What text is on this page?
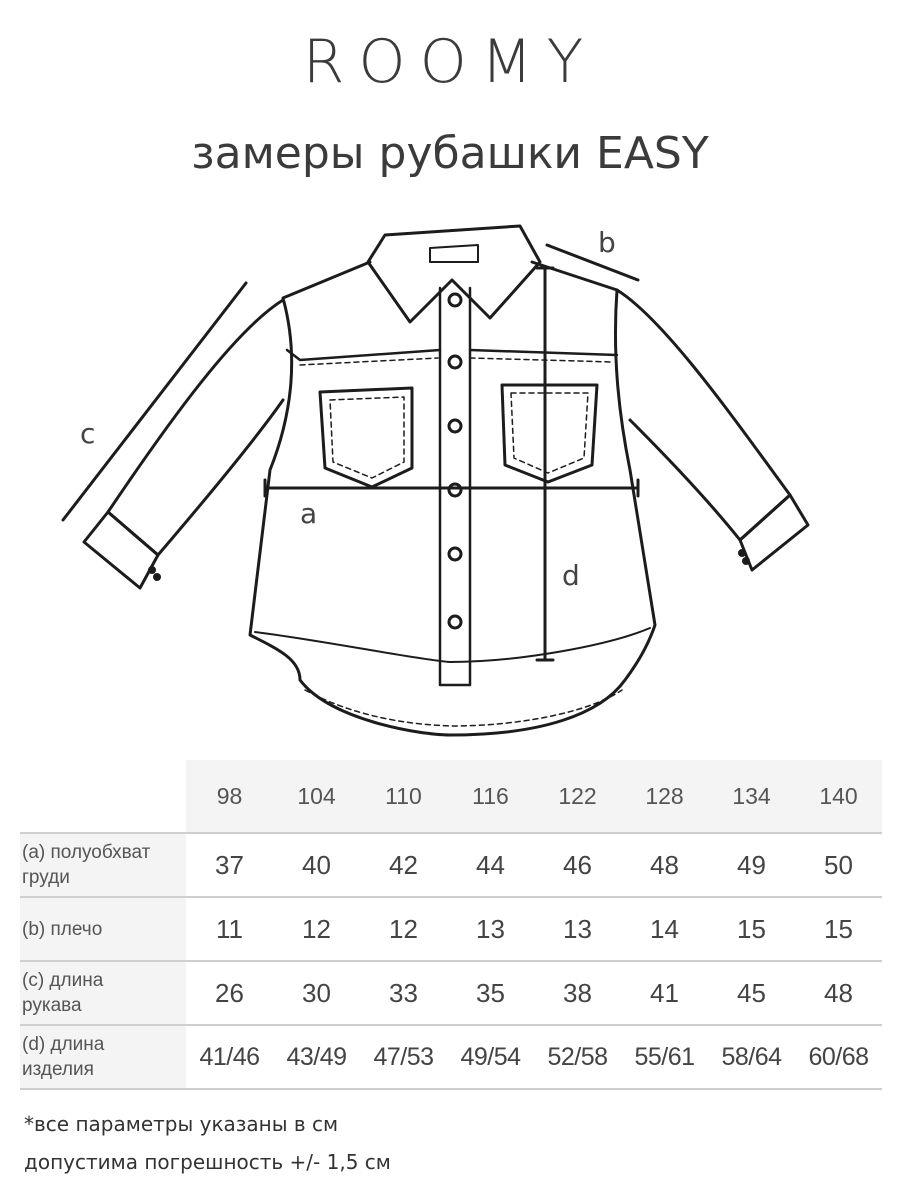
ROOMY
замеры рубашки EASY
a
b
c
d
	98	104	110	116	122	128	134	140
(a) полуобхват
груди	37	40	42	44	46	48	49	50
(b) плечо	11	12	12	13	13	14	15	15
(c) длина
рукава	26	30	33	35	38	41	45	48
(d) длина
изделия	41/46	43/49	47/53	49/54	52/58	55/61	58/64	60/68
*все параметры указаны в см
допустима погрешность +/- 1,5 см
